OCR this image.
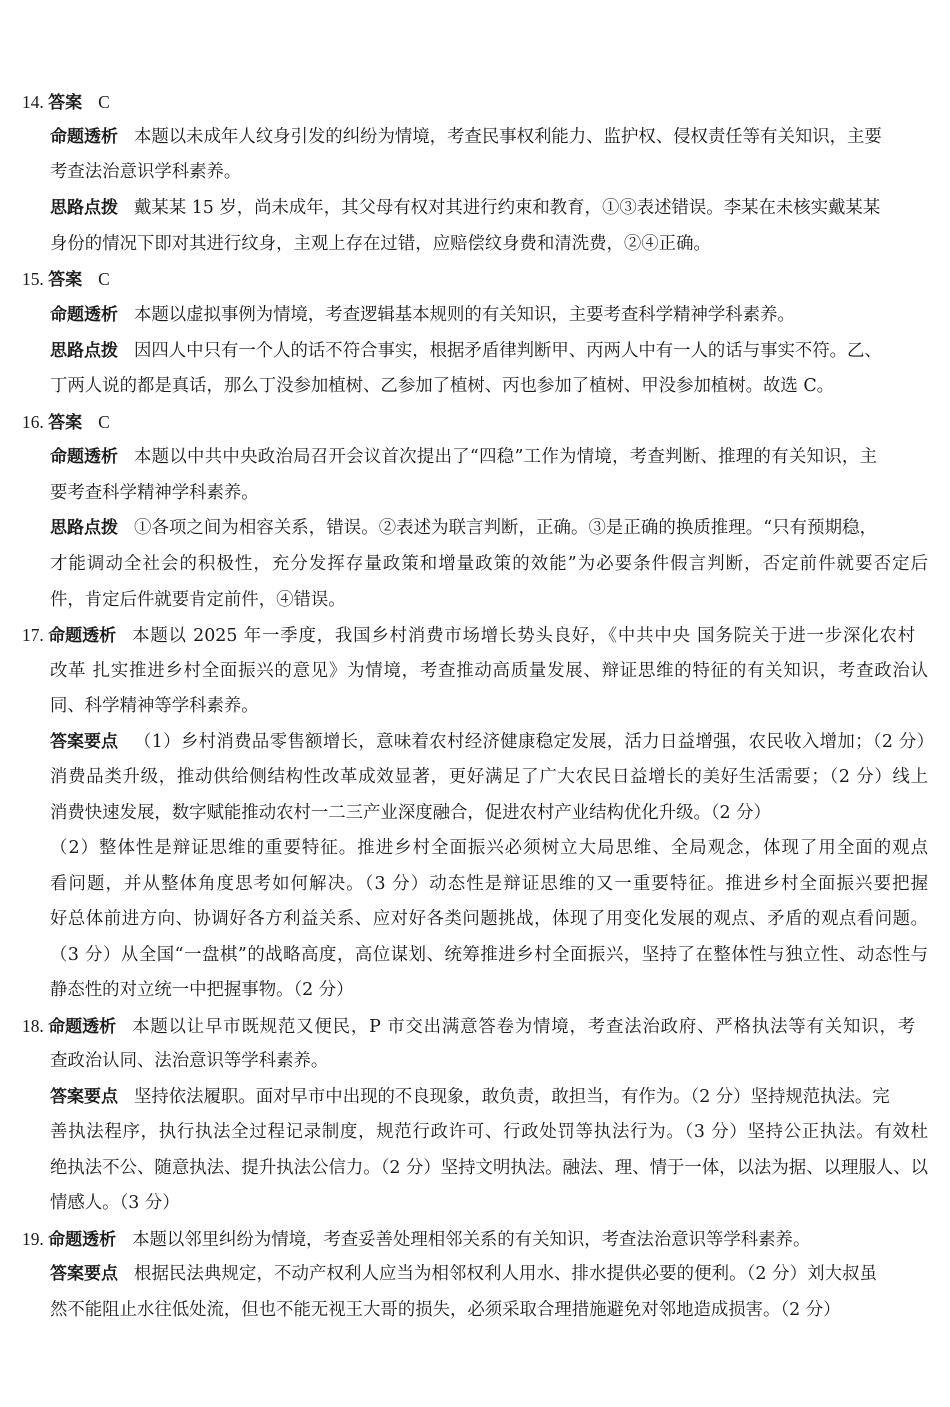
14 . 答案 C
命题透析 本题以未成年人纹身引发的纠纷为情境，考查民事权利能力、监护权、侵权责任等有关知识，主要
考查法治意识学科素养。
思路点拨 戴某某 15 岁，尚未成年，其父母有权对其进行约束和教育，①③表述错误。李某在未核实戴某某
身份的情况下即对其进行纹身，主观上存在过错，应赔偿纹身费和清洗费，②④正确。
15 . 答案 C
命题透析 本题以虚拟事例为情境，考查逻辑基本规则的有关知识，主要考查科学精神学科素养。
思路点拨 因四人中只有一个人的话不符合事实，根据矛盾律判断甲、丙两人中有一人的话与事实不符。乙、
丁两人说的都是真话，那么丁没参加植树、乙参加了植树、丙也参加了植树、甲没参加植树。故选 C。
16 . 答案 C
命题透析 本题以中共中央政治局召开会议首次提出了“四稳”工作为情境，考查判断、推理的有关知识，主
要考查科学精神学科素养。
思路点拨 ①各项之间为相容关系，错误。②表述为联言判断，正确。③是正确的换质推理。“只有预期稳，
才能调动全社会的积极性，充分发挥存量政策和增量政策的效能”为必要条件假言判断，否定前件就要否定后
件，肯定后件就要肯定前件，④错误。
17 . 命题透析 本题以 2025 年一季度，我国乡村消费市场增长势头良好，《中共中央 国务院关于进一步深化农村
改革 扎实推进乡村全面振兴的意见》为情境，考查推动高质量发展、辩证思维的特征的有关知识，考查政治认
同、科学精神等学科素养。
答案要点 （1）乡村消费品零售额增长，意味着农村经济健康稳定发展，活力日益增强，农民收入增加；（2 分）
消费品类升级，推动供给侧结构性改革成效显著，更好满足了广大农民日益增长的美好生活需要；（2 分）线上
消费快速发展，数字赋能推动农村一二三产业深度融合，促进农村产业结构优化升级。（2 分）
（2）整体性是辩证思维的重要特征。推进乡村全面振兴必须树立大局思维、全局观念，体现了用全面的观点
看问题，并从整体角度思考如何解决。（3 分）动态性是辩证思维的又一重要特征。推进乡村全面振兴要把握
好总体前进方向、协调好各方利益关系、应对好各类问题挑战，体现了用变化发展的观点、矛盾的观点看问题。
（3 分）从全国“一盘棋”的战略高度，高位谋划、统筹推进乡村全面振兴，坚持了在整体性与独立性、动态性与
静态性的对立统一中把握事物。（2 分）
18 . 命题透析 本题以让早市既规范又便民，P 市交出满意答卷为情境，考查法治政府、严格执法等有关知识，考
查政治认同、法治意识等学科素养。
答案要点 坚持依法履职。面对早市中出现的不良现象，敢负责，敢担当，有作为。（2 分）坚持规范执法。完
善执法程序，执行执法全过程记录制度，规范行政许可、行政处罚等执法行为。（3 分）坚持公正执法。有效杜
绝执法不公、随意执法、提升执法公信力。（2 分）坚持文明执法。融法、理、情于一体，以法为据、以理服人、以
情感人。（3 分）
19 . 命题透析 本题以邻里纠纷为情境，考查妥善处理相邻关系的有关知识，考查法治意识等学科素养。
答案要点 根据民法典规定，不动产权利人应当为相邻权利人用水、排水提供必要的便利。（2 分）刘大叔虽
然不能阻止水往低处流，但也不能无视王大哥的损失，必须采取合理措施避免对邻地造成损害。（2 分）
